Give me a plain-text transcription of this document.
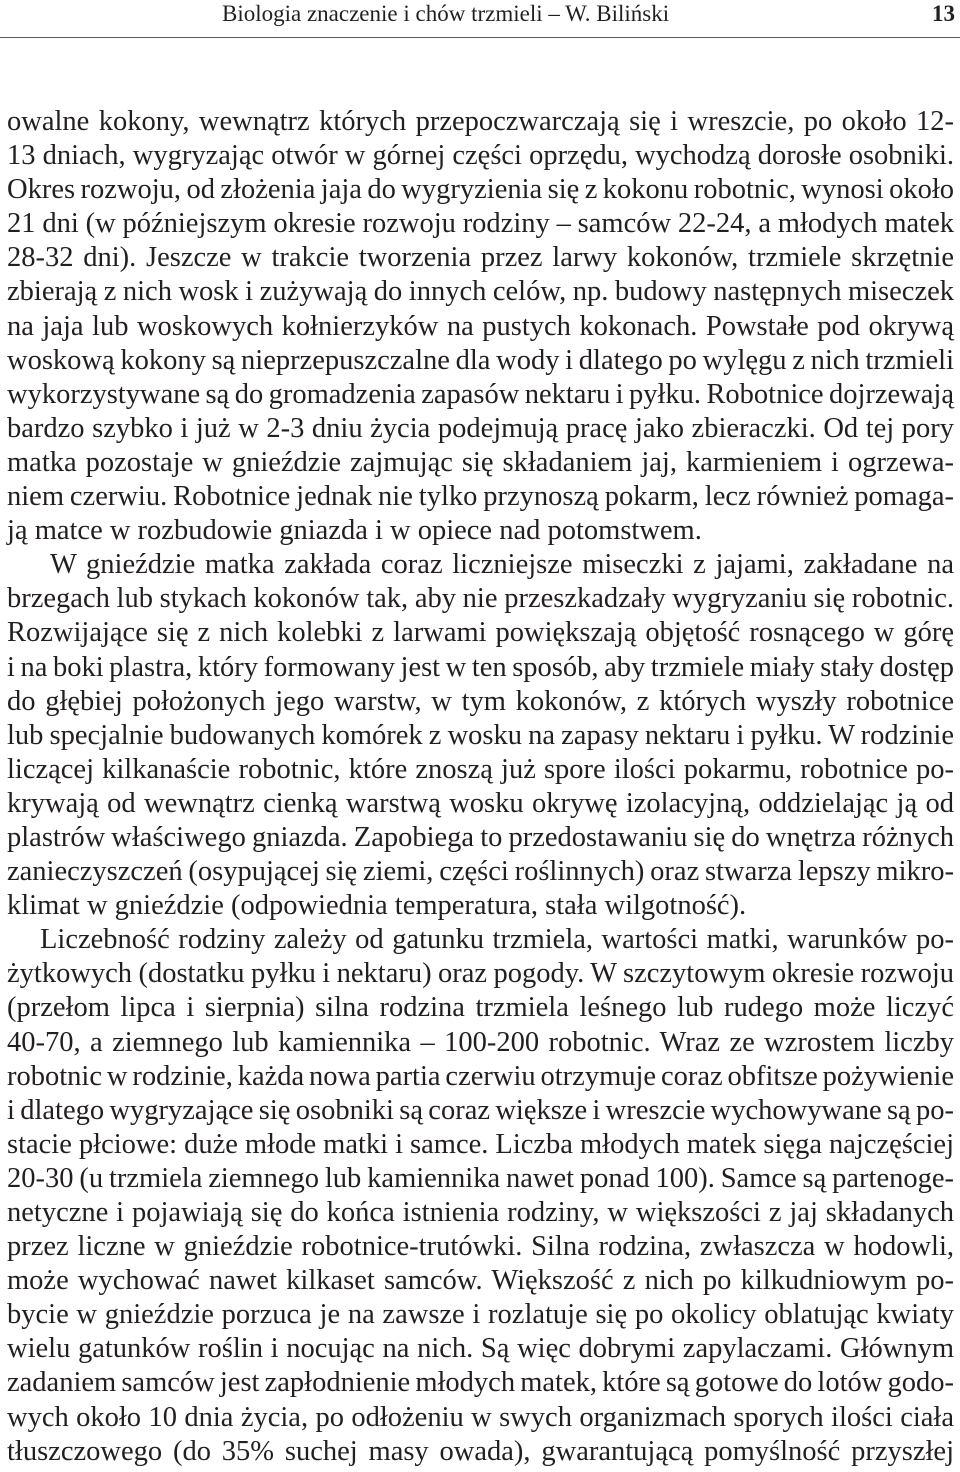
Biologia znaczenie i chów trzmieli – W. Biliński	13
owalne kokony, wewnątrz których przepoczwarczają się i wreszcie, po około 12-
13 dniach, wygryzając otwór w górnej części oprzędu, wychodzą dorosłe osobniki.
Okres rozwoju, od złożenia jaja do wygryzienia się z kokonu robotnic, wynosi około
21 dni (w późniejszym okresie rozwoju rodziny – samców 22-24, a młodych matek
28-32 dni). Jeszcze w trakcie tworzenia przez larwy kokonów, trzmiele skrzętnie
zbierają z nich wosk i zużywają do innych celów, np. budowy następnych miseczek
na jaja lub woskowych kołnierzyków na pustych kokonach. Powstałe pod okrywą
woskową kokony są nieprzepuszczalne dla wody i dlatego po wylęgu z nich trzmieli
wykorzystywane są do gromadzenia zapasów nektaru i pyłku. Robotnice dojrzewają
bardzo szybko i już w 2-3 dniu życia podejmują pracę jako zbieraczki. Od tej pory
matka pozostaje w gnieździe zajmując się składaniem jaj, karmieniem i ogrzewa-
niem czerwiu. Robotnice jednak nie tylko przynoszą pokarm, lecz również pomaga-
ją matce w rozbudowie gniazda i w opiece nad potomstwem.
W gnieździe matka zakłada coraz liczniejsze miseczki z jajami, zakładane na
brzegach lub stykach kokonów tak, aby nie przeszkadzały wygryzaniu się robotnic.
Rozwijające się z nich kolebki z larwami powiększają objętość rosnącego w górę
i na boki plastra, który formowany jest w ten sposób, aby trzmiele miały stały dostęp
do głębiej położonych jego warstw, w tym kokonów, z których wyszły robotnice
lub specjalnie budowanych komórek z wosku na zapasy nektaru i pyłku. W rodzinie
liczącej kilkanaście robotnic, które znoszą już spore ilości pokarmu, robotnice po-
krywają od wewnątrz cienką warstwą wosku okrywę izolacyjną, oddzielając ją od
plastrów właściwego gniazda. Zapobiega to przedostawaniu się do wnętrza różnych
zanieczyszczeń (osypującej się ziemi, części roślinnych) oraz stwarza lepszy mikro-
klimat w gnieździe (odpowiednia temperatura, stała wilgotność).
Liczebność rodziny zależy od gatunku trzmiela, wartości matki, warunków po-
żytkowych (dostatku pyłku i nektaru) oraz pogody. W szczytowym okresie rozwoju
(przełom lipca i sierpnia) silna rodzina trzmiela leśnego lub rudego może liczyć
40-70, a ziemnego lub kamiennika – 100-200 robotnic. Wraz ze wzrostem liczby
robotnic w rodzinie, każda nowa partia czerwiu otrzymuje coraz obfitsze pożywienie
i dlatego wygryzające się osobniki są coraz większe i wreszcie wychowywane są po-
stacie płciowe: duże młode matki i samce. Liczba młodych matek sięga najczęściej
20-30 (u trzmiela ziemnego lub kamiennika nawet ponad 100). Samce są partenoge-
netyczne i pojawiają się do końca istnienia rodziny, w większości z jaj składanych
przez liczne w gnieździe robotnice-trutówki. Silna rodzina, zwłaszcza w hodowli,
może wychować nawet kilkaset samców. Większość z nich po kilkudniowym po-
bycie w gnieździe porzuca je na zawsze i rozlatuje się po okolicy oblatując kwiaty
wielu gatunków roślin i nocując na nich. Są więc dobrymi zapylaczami. Głównym
zadaniem samców jest zapłodnienie młodych matek, które są gotowe do lotów godo-
wych około 10 dnia życia, po odłożeniu w swych organizmach sporych ilości ciała
tłuszczowego (do 35% suchej masy owada), gwarantującą pomyślność przyszłej
